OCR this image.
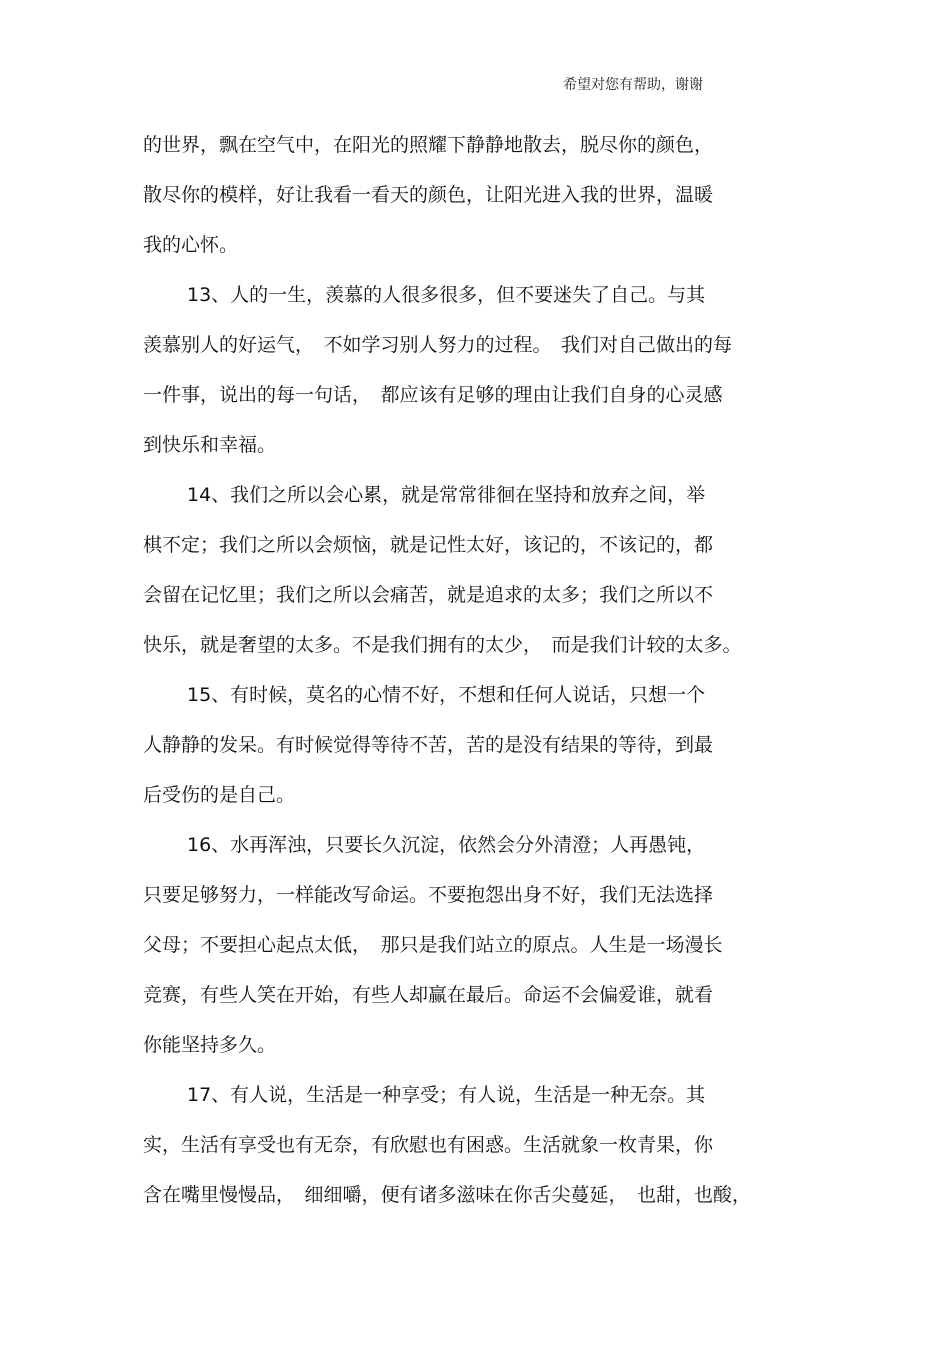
希望对您有帮助，谢谢
的世界，飘在空气中，在阳光的照耀下静静地散去，脱尽你的颜色，
散尽你的模样，好让我看一看天的颜色，让阳光进入我的世界，温暖
我的心怀。
13、人的一生，羡慕的人很多很多，但不要迷失了自己。与其
羡慕别人的好运气，　不如学习别人努力的过程。　我们对自己做出的每
一件事，说出的每一句话，　都应该有足够的理由让我们自身的心灵感
到快乐和幸福。
14、我们之所以会心累，就是常常徘徊在坚持和放弃之间，举
棋不定；我们之所以会烦恼，就是记性太好，该记的，不该记的，都
会留在记忆里；我们之所以会痛苦，就是追求的太多；我们之所以不
快乐，就是奢望的太多。不是我们拥有的太少，　而是我们计较的太多。
15、有时候，莫名的心情不好，不想和任何人说话，只想一个
人静静的发呆。有时候觉得等待不苦，苦的是没有结果的等待，到最
后受伤的是自己。
16、水再浑浊，只要长久沉淀，依然会分外清澄；人再愚钝，
只要足够努力，一样能改写命运。不要抱怨出身不好，我们无法选择
父母；不要担心起点太低，　那只是我们站立的原点。人生是一场漫长
竞赛，有些人笑在开始，有些人却赢在最后。命运不会偏爱谁，就看
你能坚持多久。
17、有人说，生活是一种享受；有人说，生活是一种无奈。其
实，生活有享受也有无奈，有欣慰也有困惑。生活就象一枚青果，你
含在嘴里慢慢品，　细细嚼，便有诸多滋味在你舌尖蔓延，　也甜，也酸，
